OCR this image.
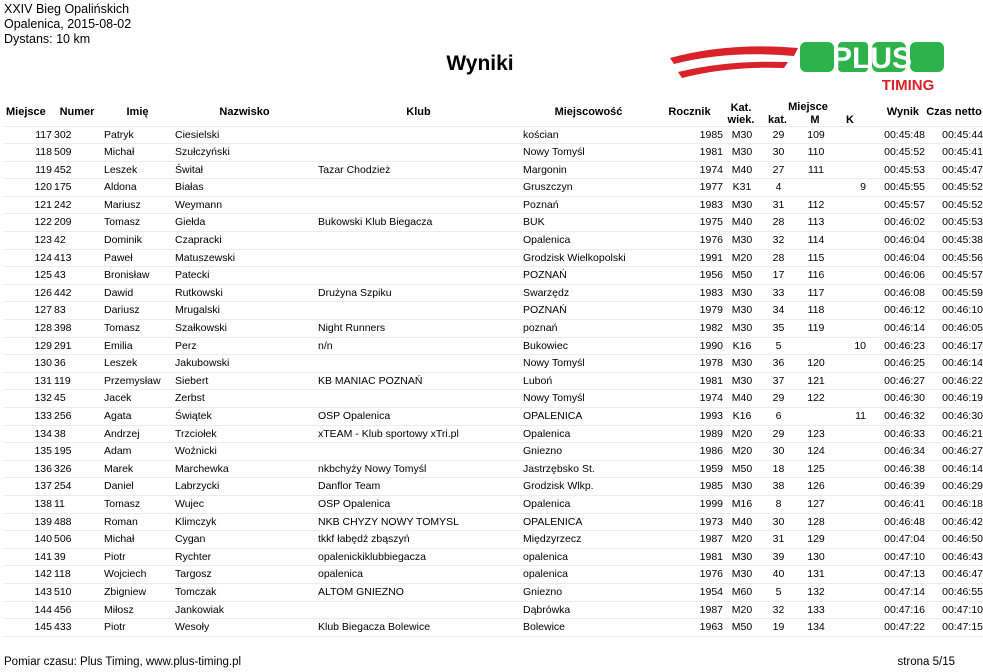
XXIV Bieg Opalińskich
Opalenica, 2015-08-02
Dystans: 10 km
Wyniki	PLUS
TIMING
Miejsce	Numer	Imię	Nazwisko	Klub	Miejscowość	Rocznik	Kat.
wiek.	kat.	Miejsce
M	K	Wynik	Czas netto
117	302	Patryk	Ciesielski		kościan	1985	M30	29	109		00:45:48	00:45:44
118	509	Michał	Szułczyński		Nowy Tomyśl	1981	M30	30	110		00:45:52	00:45:41
119	452	Leszek	Świtał	Tazar Chodzież	Margonin	1974	M40	27	111		00:45:53	00:45:47
120	175	Aldona	Białas		Gruszczyn	1977	K31	4		9	00:45:55	00:45:52
121	242	Mariusz	Weymann		Poznań	1983	M30	31	112		00:45:57	00:45:52
122	209	Tomasz	Giełda	Bukowski Klub Biegacza	BUK	1975	M40	28	113		00:46:02	00:45:53
123	42	Dominik	Czapracki		Opalenica	1976	M30	32	114		00:46:04	00:45:38
124	413	Paweł	Matuszewski		Grodzisk Wielkopolski	1991	M20	28	115		00:46:04	00:45:56
125	43	Bronisław	Patecki		POZNAŃ	1956	M50	17	116		00:46:06	00:45:57
126	442	Dawid	Rutkowski	Drużyna Szpiku	Swarzędz	1983	M30	33	117		00:46:08	00:45:59
127	83	Dariusz	Mrugalski		POZNAŃ	1979	M30	34	118		00:46:12	00:46:10
128	398	Tomasz	Szałkowski	Night Runners	poznań	1982	M30	35	119		00:46:14	00:46:05
129	291	Emilia	Perz	n/n	Bukowiec	1990	K16	5		10	00:46:23	00:46:17
130	36	Leszek	Jakubowski		Nowy Tomyśl	1978	M30	36	120		00:46:25	00:46:14
131	119	Przemysław	Siebert	KB MANIAC POZNAŃ	Luboń	1981	M30	37	121		00:46:27	00:46:22
132	45	Jacek	Zerbst		Nowy Tomyśl	1974	M40	29	122		00:46:30	00:46:19
133	256	Agata	Świątek	OSP Opalenica	OPALENICA	1993	K16	6		11	00:46:32	00:46:30
134	38	Andrzej	Trzciołek	xTEAM - Klub sportowy xTri.pl	Opalenica	1989	M20	29	123		00:46:33	00:46:21
135	195	Adam	Woźnicki		Gniezno	1986	M20	30	124		00:46:34	00:46:27
136	326	Marek	Marchewka	nkbchyży Nowy Tomyśl	Jastrzębsko St.	1959	M50	18	125		00:46:38	00:46:14
137	254	Daniel	Labrzycki	Danflor Team	Grodzisk Wlkp.	1985	M30	38	126		00:46:39	00:46:29
138	11	Tomasz	Wujec	OSP Opalenica	Opalenica	1999	M16	8	127		00:46:41	00:46:18
139	488	Roman	Klimczyk	NKB CHYZY NOWY TOMYSL	OPALENICA	1973	M40	30	128		00:46:48	00:46:42
140	506	Michał	Cygan	tkkf łabędź zbąszyń	Międzyrzecz	1987	M20	31	129		00:47:04	00:46:50
141	39	Piotr	Rychter	opalenickiklubbiegacza	opalenica	1981	M30	39	130		00:47:10	00:46:43
142	118	Wojciech	Targosz	opalenica	opalenica	1976	M30	40	131		00:47:13	00:46:47
143	510	Zbigniew	Tomczak	ALTOM GNIEZNO	Gniezno	1954	M60	5	132		00:47:14	00:46:55
144	456	Miłosz	Jankowiak		Dąbrówka	1987	M20	32	133		00:47:16	00:47:10
145	433	Piotr	Wesoły	Klub Biegacza Bolewice	Bolewice	1963	M50	19	134		00:47:22	00:47:15
Pomiar czasu: Plus Timing, www.plus-timing.pl	strona 5/15
